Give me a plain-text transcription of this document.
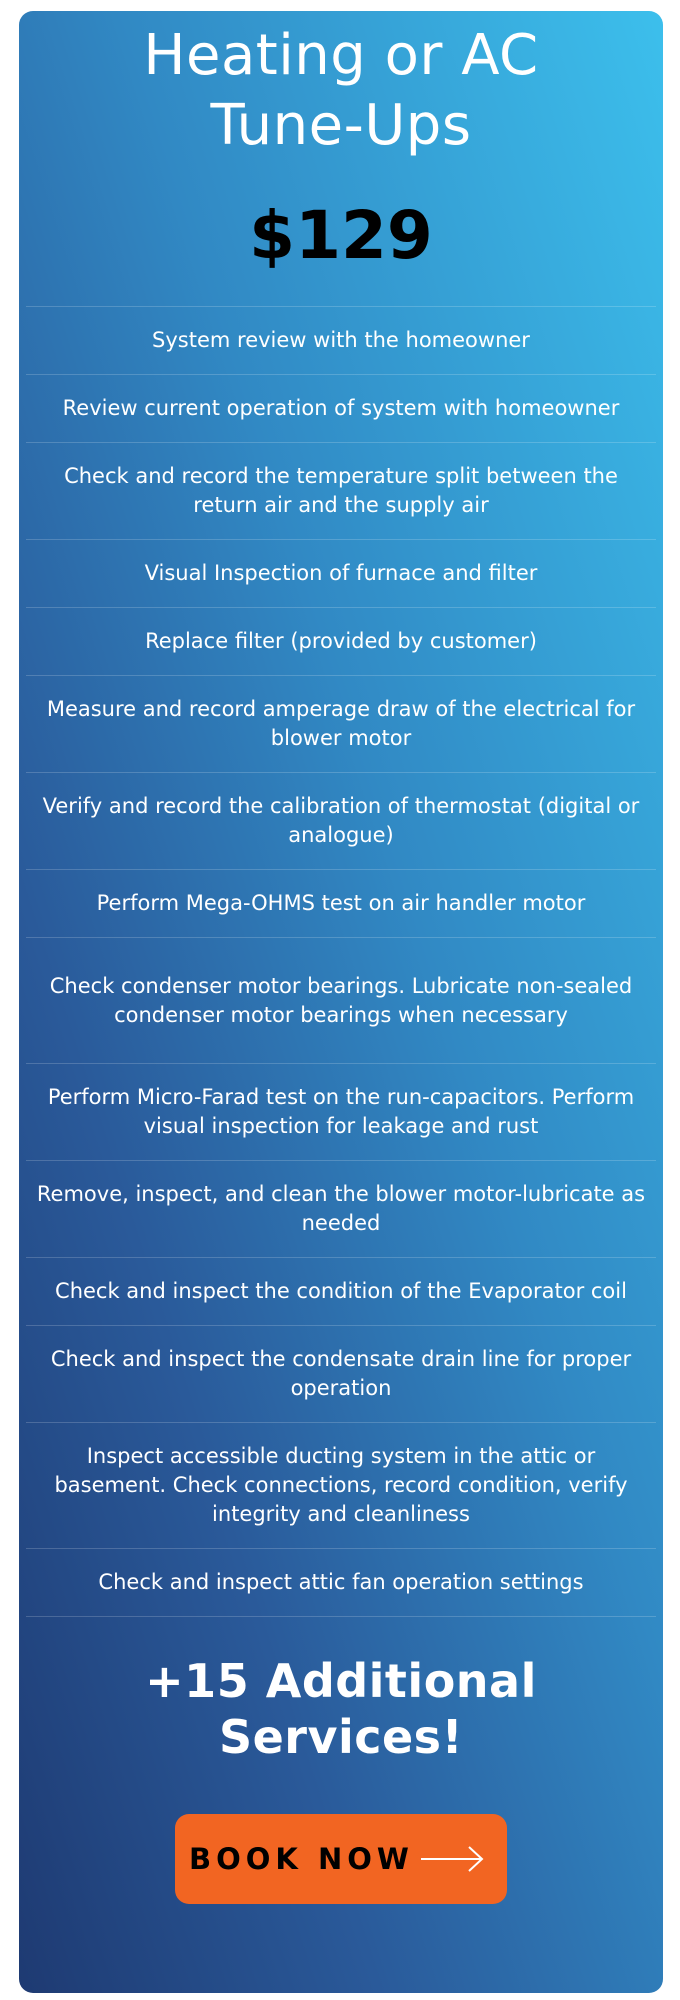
Heating or AC
Tune-Ups
$129
System review with the homeowner
Review current operation of system with homeowner
Check and record the temperature split between the return air and the supply air
Visual Inspection of furnace and filter
Replace filter (provided by customer)
Measure and record amperage draw of the electrical for blower motor
Verify and record the calibration of thermostat (digital or analogue)
Perform Mega-OHMS test on air handler motor
Check condenser motor bearings. Lubricate non-sealed condenser motor bearings when necessary
Perform Micro-Farad test on the run-capacitors. Perform visual inspection for leakage and rust
Remove, inspect, and clean the blower motor-lubricate as needed
Check and inspect the condition of the Evaporator coil
Check and inspect the condensate drain line for proper operation
Inspect accessible ducting system in the attic or basement. Check connections, record condition, verify integrity and cleanliness
Check and inspect attic fan operation settings
+15 Additional Services!
BOOK NOW
